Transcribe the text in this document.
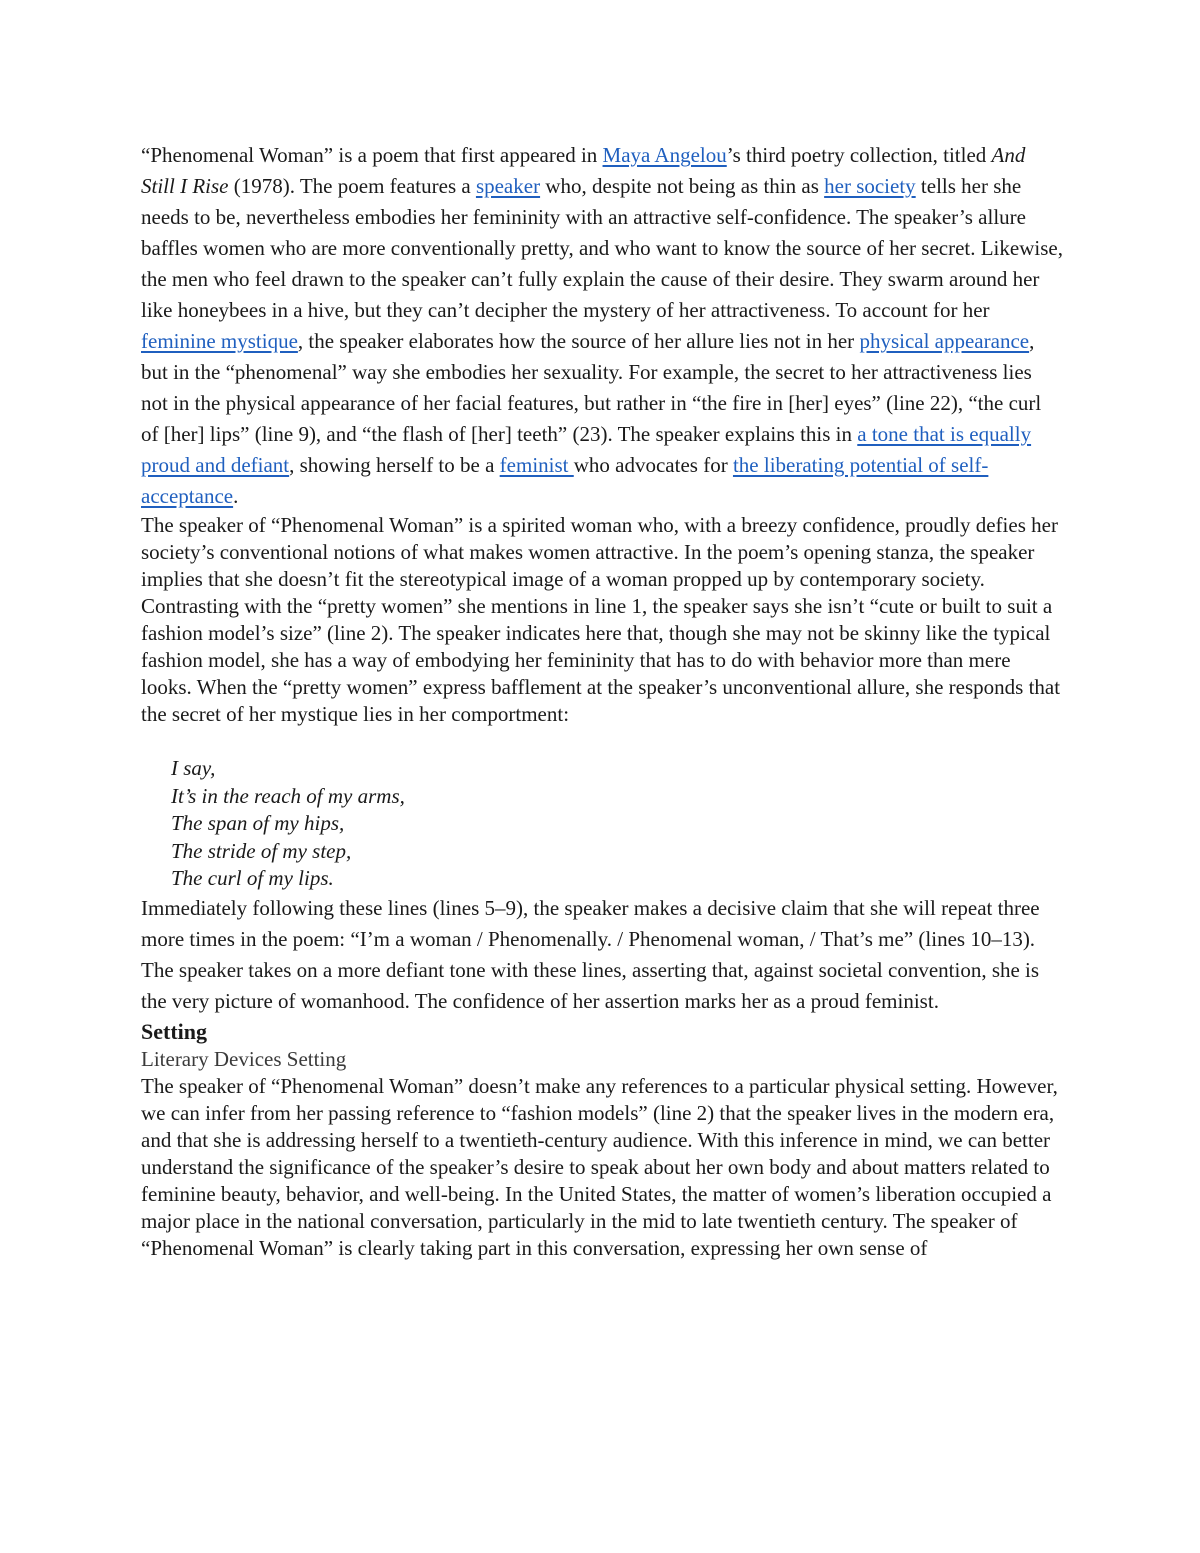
“Phenomenal Woman” is a poem that first appeared in Maya Angelou’s third poetry collection, titled And Still I Rise (1978). The poem features a speaker who, despite not being as thin as her society tells her she needs to be, nevertheless embodies her femininity with an attractive self-confidence. The speaker’s allure baffles women who are more conventionally pretty, and who want to know the source of her secret. Likewise, the men who feel drawn to the speaker can’t fully explain the cause of their desire. They swarm around her like honeybees in a hive, but they can’t decipher the mystery of her attractiveness. To account for her feminine mystique, the speaker elaborates how the source of her allure lies not in her physical appearance, but in the “phenomenal” way she embodies her sexuality. For example, the secret to her attractiveness lies not in the physical appearance of her facial features, but rather in “the fire in [her] eyes” (line 22), “the curl of [her] lips” (line 9), and “the flash of [her] teeth” (23). The speaker explains this in a tone that is equally proud and defiant, showing herself to be a feminist who advocates for the liberating potential of self-acceptance.

The speaker of “Phenomenal Woman” is a spirited woman who, with a breezy confidence, proudly defies her society’s conventional notions of what makes women attractive. In the poem’s opening stanza, the speaker implies that she doesn’t fit the stereotypical image of a woman propped up by contemporary society. Contrasting with the “pretty women” she mentions in line 1, the speaker says she isn’t “cute or built to suit a fashion model’s size” (line 2). The speaker indicates here that, though she may not be skinny like the typical fashion model, she has a way of embodying her femininity that has to do with behavior more than mere looks. When the “pretty women” express bafflement at the speaker’s unconventional allure, she responds that the secret of her mystique lies in her comportment:

I say,
It’s in the reach of my arms,
The span of my hips,
The stride of my step,
The curl of my lips.

Immediately following these lines (lines 5–9), the speaker makes a decisive claim that she will repeat three more times in the poem: “I’m a woman / Phenomenally. / Phenomenal woman, / That’s me” (lines 10–13). The speaker takes on a more defiant tone with these lines, asserting that, against societal convention, she is the very picture of womanhood. The confidence of her assertion marks her as a proud feminist.

Setting
Literary Devices Setting

The speaker of “Phenomenal Woman” doesn’t make any references to a particular physical setting. However, we can infer from her passing reference to “fashion models” (line 2) that the speaker lives in the modern era, and that she is addressing herself to a twentieth-century audience. With this inference in mind, we can better understand the significance of the speaker’s desire to speak about her own body and about matters related to feminine beauty, behavior, and well-being. In the United States, the matter of women’s liberation occupied a major place in the national conversation, particularly in the mid to late twentieth century. The speaker of “Phenomenal Woman” is clearly taking part in this conversation, expressing her own sense of
